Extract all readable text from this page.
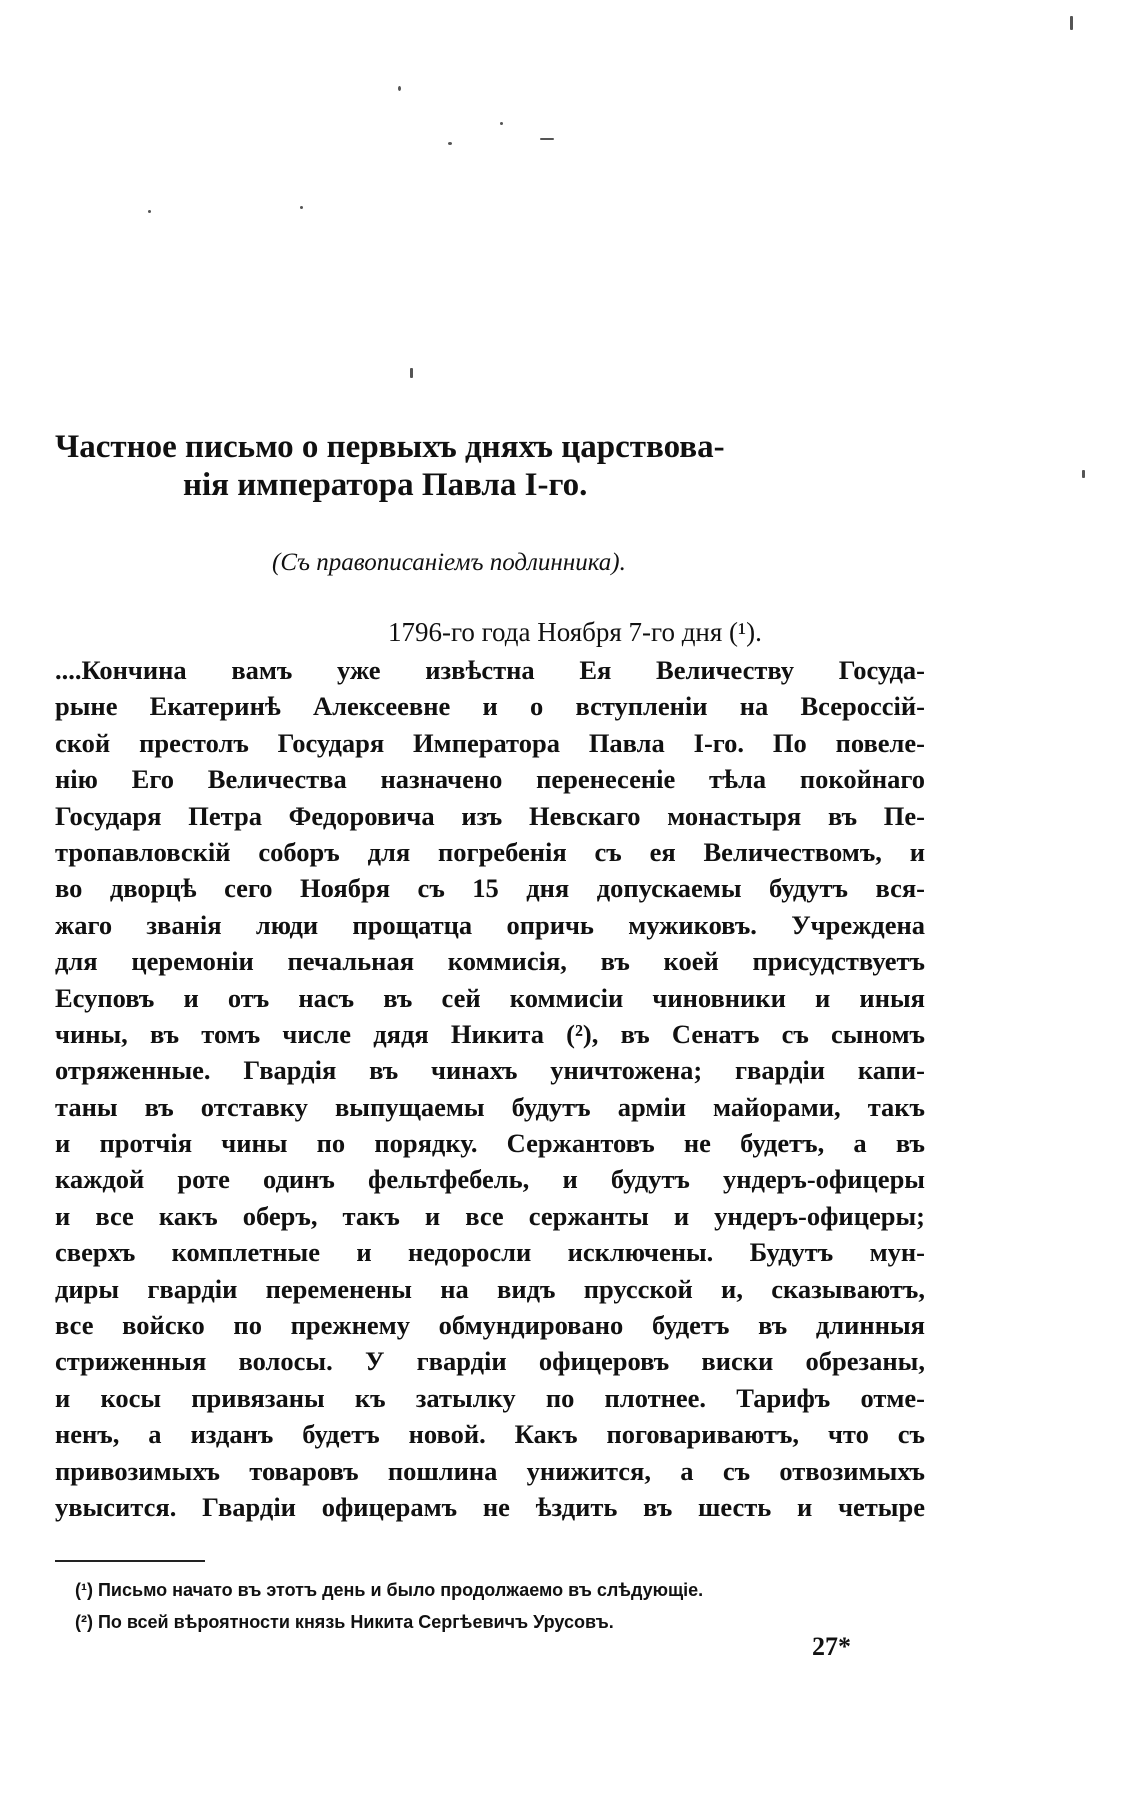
Частное письмо о первыхъ дняхъ царствова-
нія императора Павла I-го.
(Съ правописаніемъ подлинника).
1796-го года Ноября 7-го дня (¹).
....Кончина вамъ уже извѣстна Ея Величеству Госуда-
рыне Екатеринѣ Алексеевне и о вступленіи на Всероссій-
ской престолъ Государя Императора Павла I-го. По повеле-
нію Его Величества назначено перенесеніе тѣла покойнаго
Государя Петра Федоровича изъ Невскаго монастыря въ Пе-
тропавловскій соборъ для погребенія съ ея Величествомъ, и
во дворцѣ сего Ноября съ 15 дня допускаемы будутъ вся-
жаго званія люди прощатца опричь мужиковъ. Учреждена
для церемоніи печальная коммисія, въ коей присудствуетъ
Есуповъ и отъ насъ въ сей коммисіи чиновники и иныя
чины, въ томъ числе дядя Никита (²), въ Сенатъ съ сыномъ
отряженные. Гвардія въ чинахъ уничтожена; гвардіи капи-
таны въ отставку выпущаемы будутъ арміи майорами, такъ
и протчія чины по порядку. Сержантовъ не будетъ, а въ
каждой роте одинъ фельтфебель, и будутъ ундеръ-офицеры
и все какъ оберъ, такъ и все сержанты и ундеръ-офицеры;
сверхъ комплетные и недоросли исключены. Будутъ мун-
диры гвардіи переменены на видъ прусской и, сказываютъ,
все войско по прежнему обмундировано будетъ въ длинныя
стриженныя волосы. У гвардіи офицеровъ виски обрезаны,
и косы привязаны къ затылку по плотнее. Тарифъ отме-
ненъ, а изданъ будетъ новой. Какъ поговариваютъ, что съ
привозимыхъ товаровъ пошлина унижится, а съ отвозимыхъ
увысится. Гвардіи офицерамъ не ѣздить въ шесть и четыре
(¹) Письмо начато въ этотъ день и было продолжаемо въ слѣдующіе.
(²) По всей вѣроятности князь Никита Сергѣевичъ Урусовъ.
27*
